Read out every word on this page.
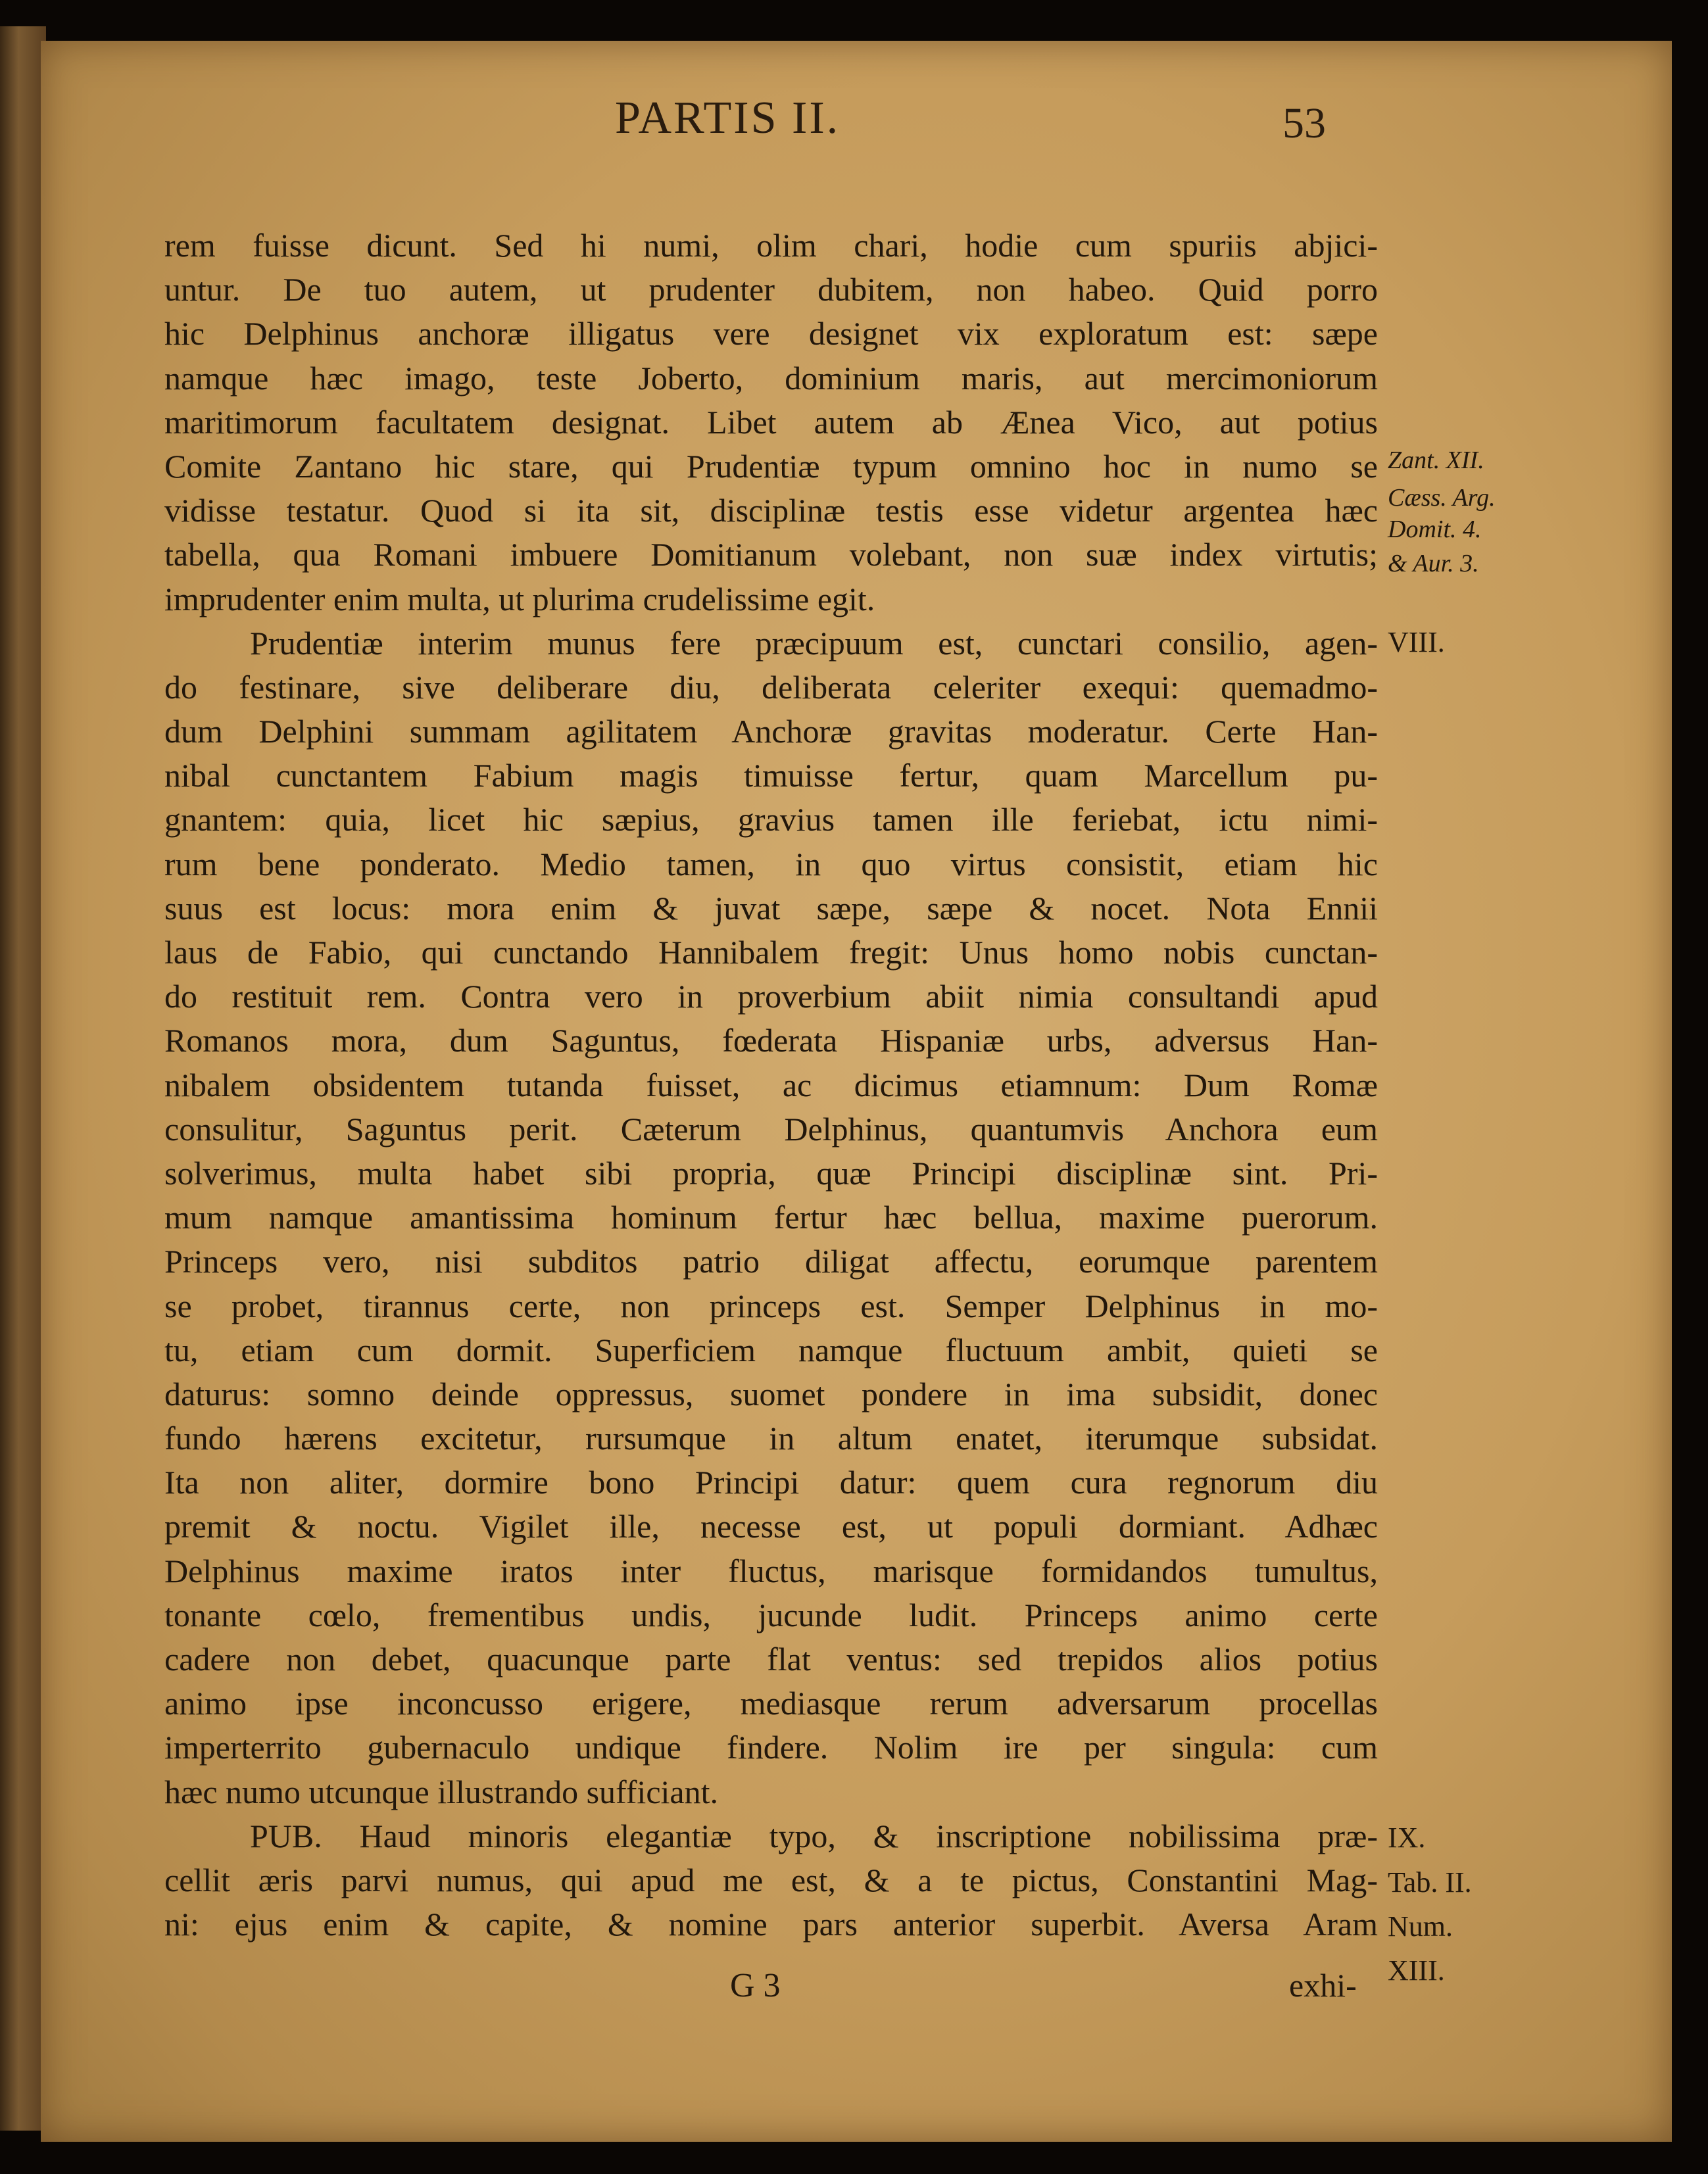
PARTIS II.	53
rem fuisse dicunt. Sed hi numi, olim chari, hodie cum spuriis abjici-
untur. De tuo autem, ut prudenter dubitem, non habeo. Quid porro
hic Delphinus anchoræ illigatus vere designet vix exploratum est: sæpe
namque hæc imago, teste Joberto, dominium maris, aut mercimoniorum
maritimorum facultatem designat. Libet autem ab Ænea Vico, aut potius
Comite Zantano hic stare, qui Prudentiæ typum omnino hoc in numo se
vidisse testatur. Quod si ita sit, disciplinæ testis esse videtur argentea hæc
tabella, qua Romani imbuere Domitianum volebant, non suæ index virtutis;
imprudenter enim multa, ut plurima crudelissime egit.
Prudentiæ interim munus fere præcipuum est, cunctari consilio, agen-
do festinare, sive deliberare diu, deliberata celeriter exequi: quemadmo-
dum Delphini summam agilitatem Anchoræ gravitas moderatur. Certe Han-
nibal cunctantem Fabium magis timuisse fertur, quam Marcellum pu-
gnantem: quia, licet hic sæpius, gravius tamen ille feriebat, ictu nimi-
rum bene ponderato. Medio tamen, in quo virtus consistit, etiam hic
suus est locus: mora enim & juvat sæpe, sæpe & nocet. Nota Ennii
laus de Fabio, qui cunctando Hannibalem fregit: Unus homo nobis cunctan-
do restituit rem. Contra vero in proverbium abiit nimia consultandi apud
Romanos mora, dum Saguntus, fœderata Hispaniæ urbs, adversus Han-
nibalem obsidentem tutanda fuisset, ac dicimus etiamnum: Dum Romæ
consulitur, Saguntus perit. Cæterum Delphinus, quantumvis Anchora eum
solverimus, multa habet sibi propria, quæ Principi disciplinæ sint. Pri-
mum namque amantissima hominum fertur hæc bellua, maxime puerorum.
Princeps vero, nisi subditos patrio diligat affectu, eorumque parentem
se probet, tirannus certe, non princeps est. Semper Delphinus in mo-
tu, etiam cum dormit. Superficiem namque fluctuum ambit, quieti se
daturus: somno deinde oppressus, suomet pondere in ima subsidit, donec
fundo hærens excitetur, rursumque in altum enatet, iterumque subsidat.
Ita non aliter, dormire bono Principi datur: quem cura regnorum diu
premit & noctu. Vigilet ille, necesse est, ut populi dormiant. Adhæc
Delphinus maxime iratos inter fluctus, marisque formidandos tumultus,
tonante cœlo, frementibus undis, jucunde ludit. Princeps animo certe
cadere non debet, quacunque parte flat ventus: sed trepidos alios potius
animo ipse inconcusso erigere, mediasque rerum adversarum procellas
imperterrito gubernaculo undique findere. Nolim ire per singula: cum
hæc numo utcunque illustrando sufficiant.
PUB. Haud minoris elegantiæ typo, & inscriptione nobilissima præ-
cellit æris parvi numus, qui apud me est, & a te pictus, Constantini Mag-
ni: ejus enim & capite, & nomine pars anterior superbit. Aversa Aram
Zant. XII.
Cæss. Arg.
Domit. 4.
& Aur. 3.
VIII.
IX.
Tab. II.
Num.
XIII.
G 3	exhi-
